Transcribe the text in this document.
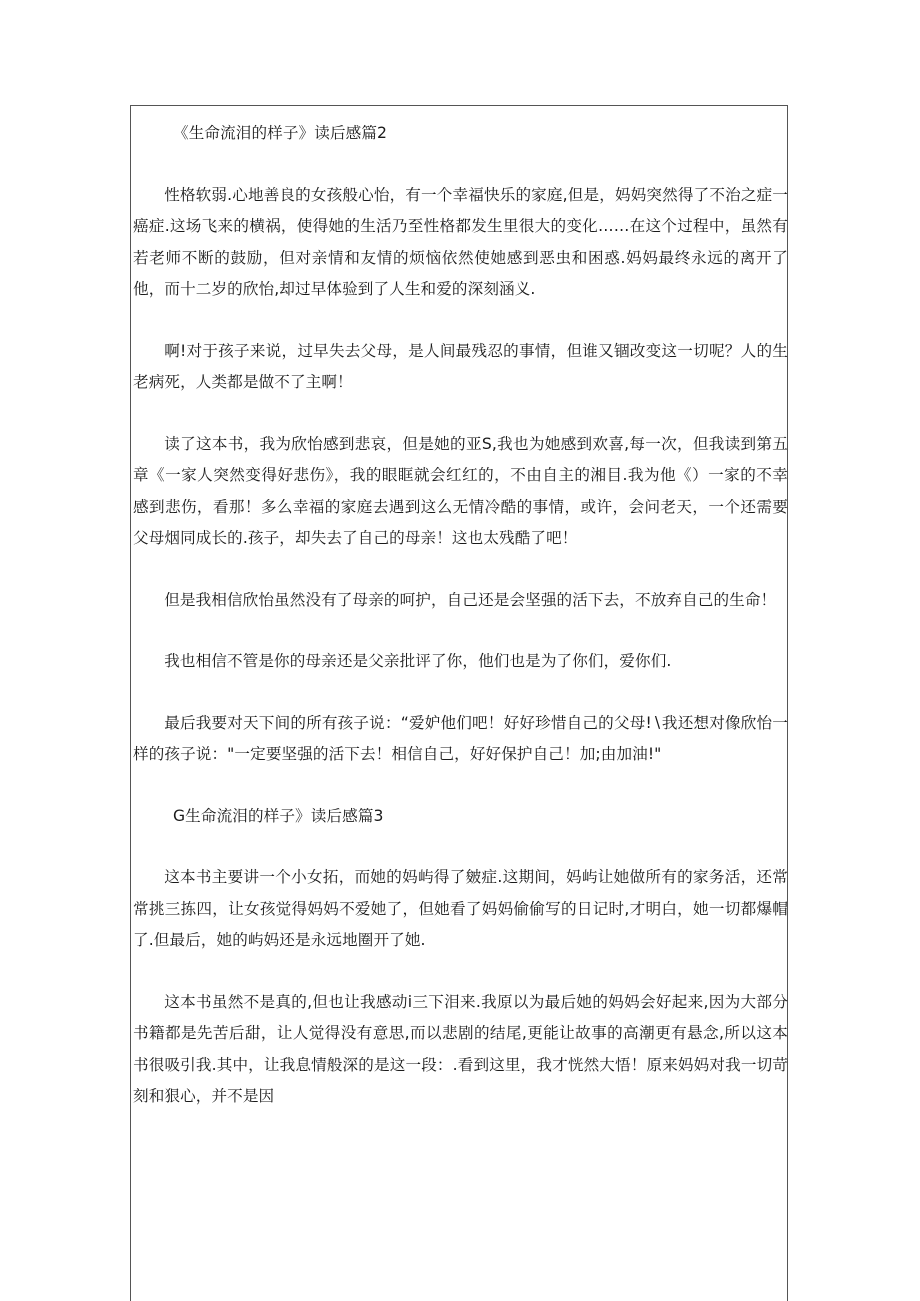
《生命流泪的样子》读后感篇2

性格软弱.心地善良的女孩般心怡，有一个幸福快乐的家庭,但是，妈妈突然得了不治之症一癌症.这场飞来的横祸，使得她的生活乃至性格都发生里很大的变化……在这个过程中，虽然有若老师不断的鼓励，但对亲情和友情的烦恼依然使她感到恶虫和困惑.妈妈最终永远的离开了他，而十二岁的欣怡,却过早体验到了人生和爱的深刻涵义.

啊!对于孩子来说，过早失去父母，是人间最残忍的事情，但谁又锢改变这一切呢？人的生老病死，人类都是做不了主啊！

读了这本书，我为欣怡感到悲哀，但是她的亚S,我也为她感到欢喜,每一次，但我读到第五章《一家人突然变得好悲伤》，我的眼眶就会红红的，不由自主的湘目.我为他《）一家的不幸感到悲伤，看那！多么幸福的家庭去遇到这么无情冷酷的事情，或许，会问老天，一个还需要父母烟同成长的.孩子，却失去了自己的母亲！这也太残酷了吧！

但是我相信欣怡虽然没有了母亲的呵护，自己还是会坚强的活下去，不放弃自己的生命！

我也相信不管是你的母亲还是父亲批评了你，他们也是为了你们，爱你们.

最后我要对天下间的所有孩子说：“爱妒他们吧！好好珍惜自己的父母!∖我还想对像欣怡一样的孩子说："一定要坚强的活下去！相信自己，好好保护自己！加;由加油!"

G生命流泪的样子》读后感篇3

这本书主要讲一个小女拓，而她的妈屿得了皴症.这期间，妈屿让她做所有的家务活，还常常挑三拣四，让女孩觉得妈妈不爱她了，但她看了妈妈偷偷写的日记时,才明白，她一切都爆帽了.但最后，她的屿妈还是永远地圈开了她.

这本书虽然不是真的,但也让我感动i三下泪来.我原以为最后她的妈妈会好起来,因为大部分书籍都是先苦后甜，让人觉得没有意思,而以悲剧的结尾,更能让故事的高潮更有悬念,所以这本书很吸引我.其中，让我息情般深的是这一段：.看到这里，我才恍然大悟！原来妈妈对我一切苛刻和狠心，并不是因
